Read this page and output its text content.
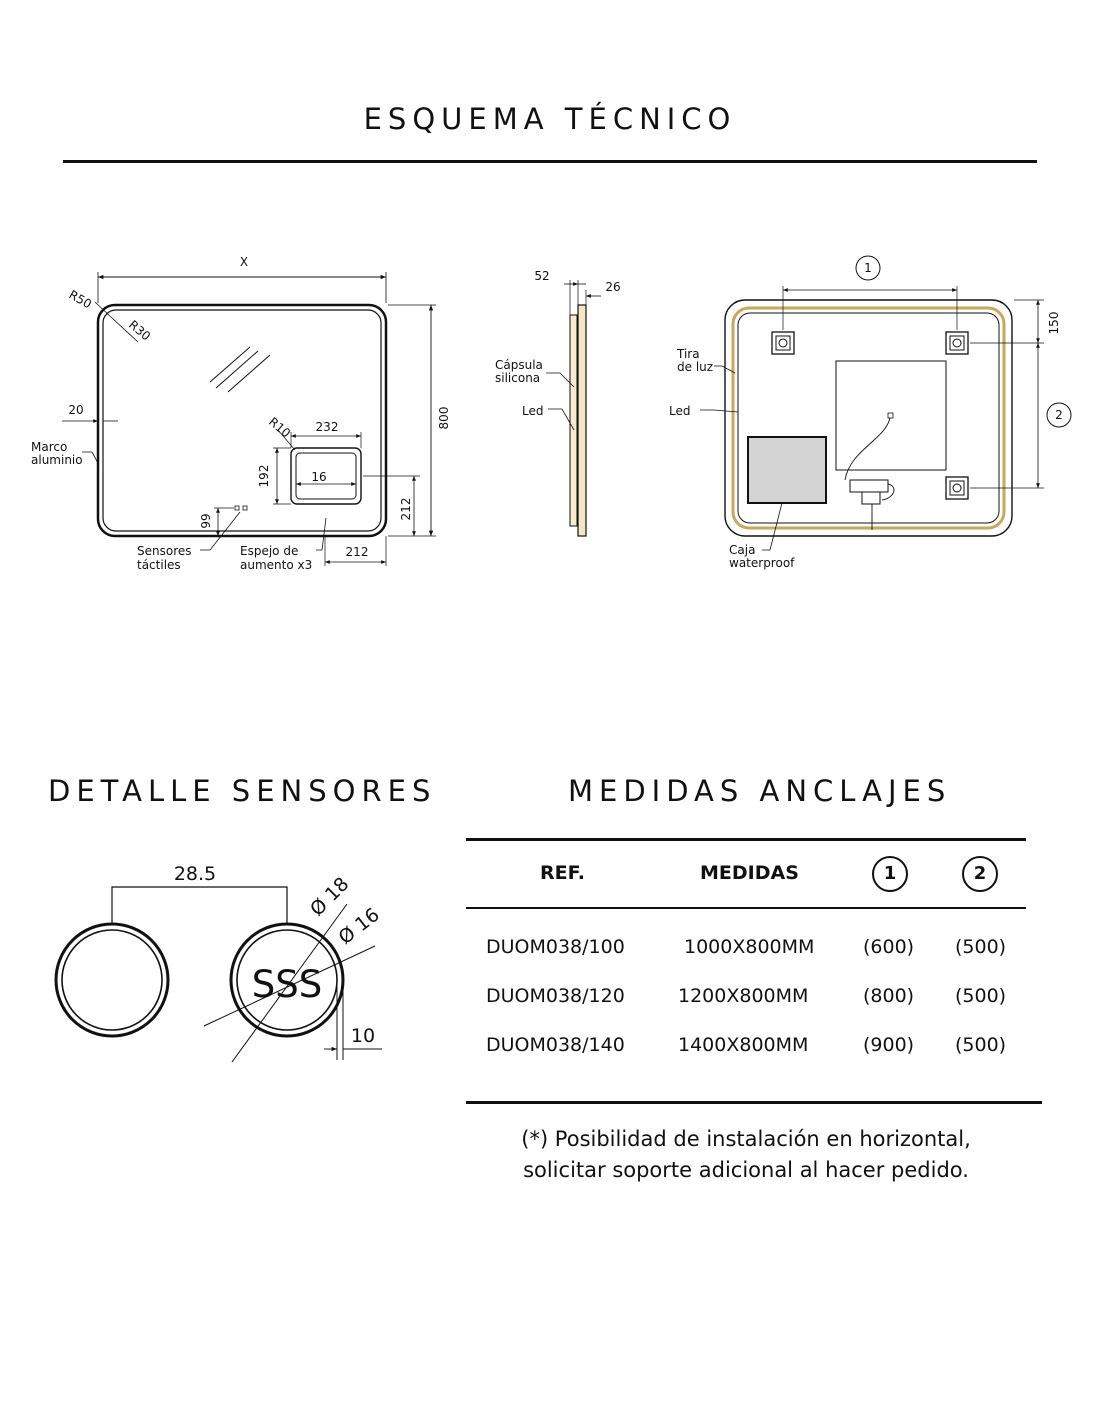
ESQUEMA TÉCNICO
DETALLE SENSORES	MEDIDAS ANCLAJES
X
800
R50
R30
20
Marco
aluminio
R10 232
192	16
212
212
99
Sensores
táctiles
Espejo de
aumento x3
52
26
Cápsula
silicona
Led
1
2
150
Tira
de luz
Led
Caja
waterproof
28.5	Ø 18
Ø 16
10
SSS
REF.	MEDIDAS	1	2
DUOM038/100	1000X800MM	(600) (500)
DUOM038/120	1200X800MM	(800) (500)
DUOM038/140	1400X800MM	(900) (500)
(*) Posibilidad de instalación en horizontal,
solicitar soporte adicional al hacer pedido.
